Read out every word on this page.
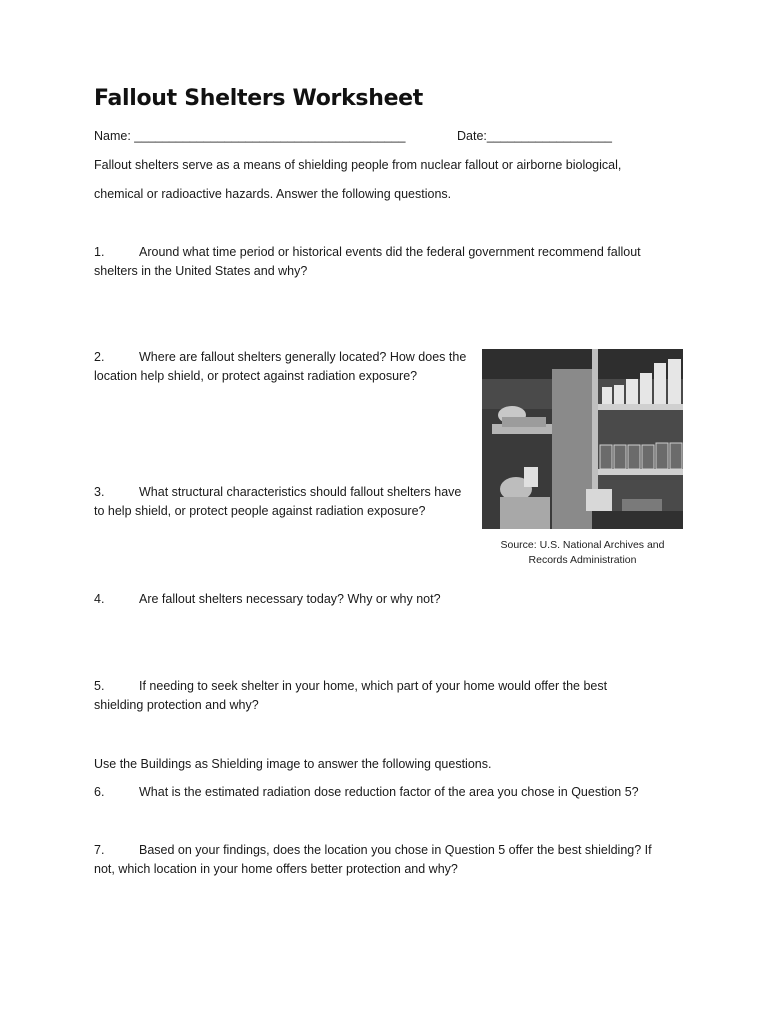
Fallout Shelters Worksheet
Name: _______________________________________	Date:__________________
Fallout shelters serve as a means of shielding people from nuclear fallout or airborne biological,
chemical or radioactive hazards. Answer the following questions.
1.	Around what time period or historical events did the federal government recommend fallout
shelters in the United States and why?
2.	Where are fallout shelters generally located? How does the
location help shield, or protect against radiation exposure?
3.	What structural characteristics should fallout shelters have
to help shield, or protect people against radiation exposure?
Source: U.S. National Archives and
Records Administration
4.	Are fallout shelters necessary today? Why or why not?
5.	If needing to seek shelter in your home, which part of your home would offer the best
shielding protection and why?
Use the Buildings as Shielding image to answer the following questions.
6.	What is the estimated radiation dose reduction factor of the area you chose in Question 5?
7.	Based on your findings, does the location you chose in Question 5 offer the best shielding? If
not, which location in your home offers better protection and why?
